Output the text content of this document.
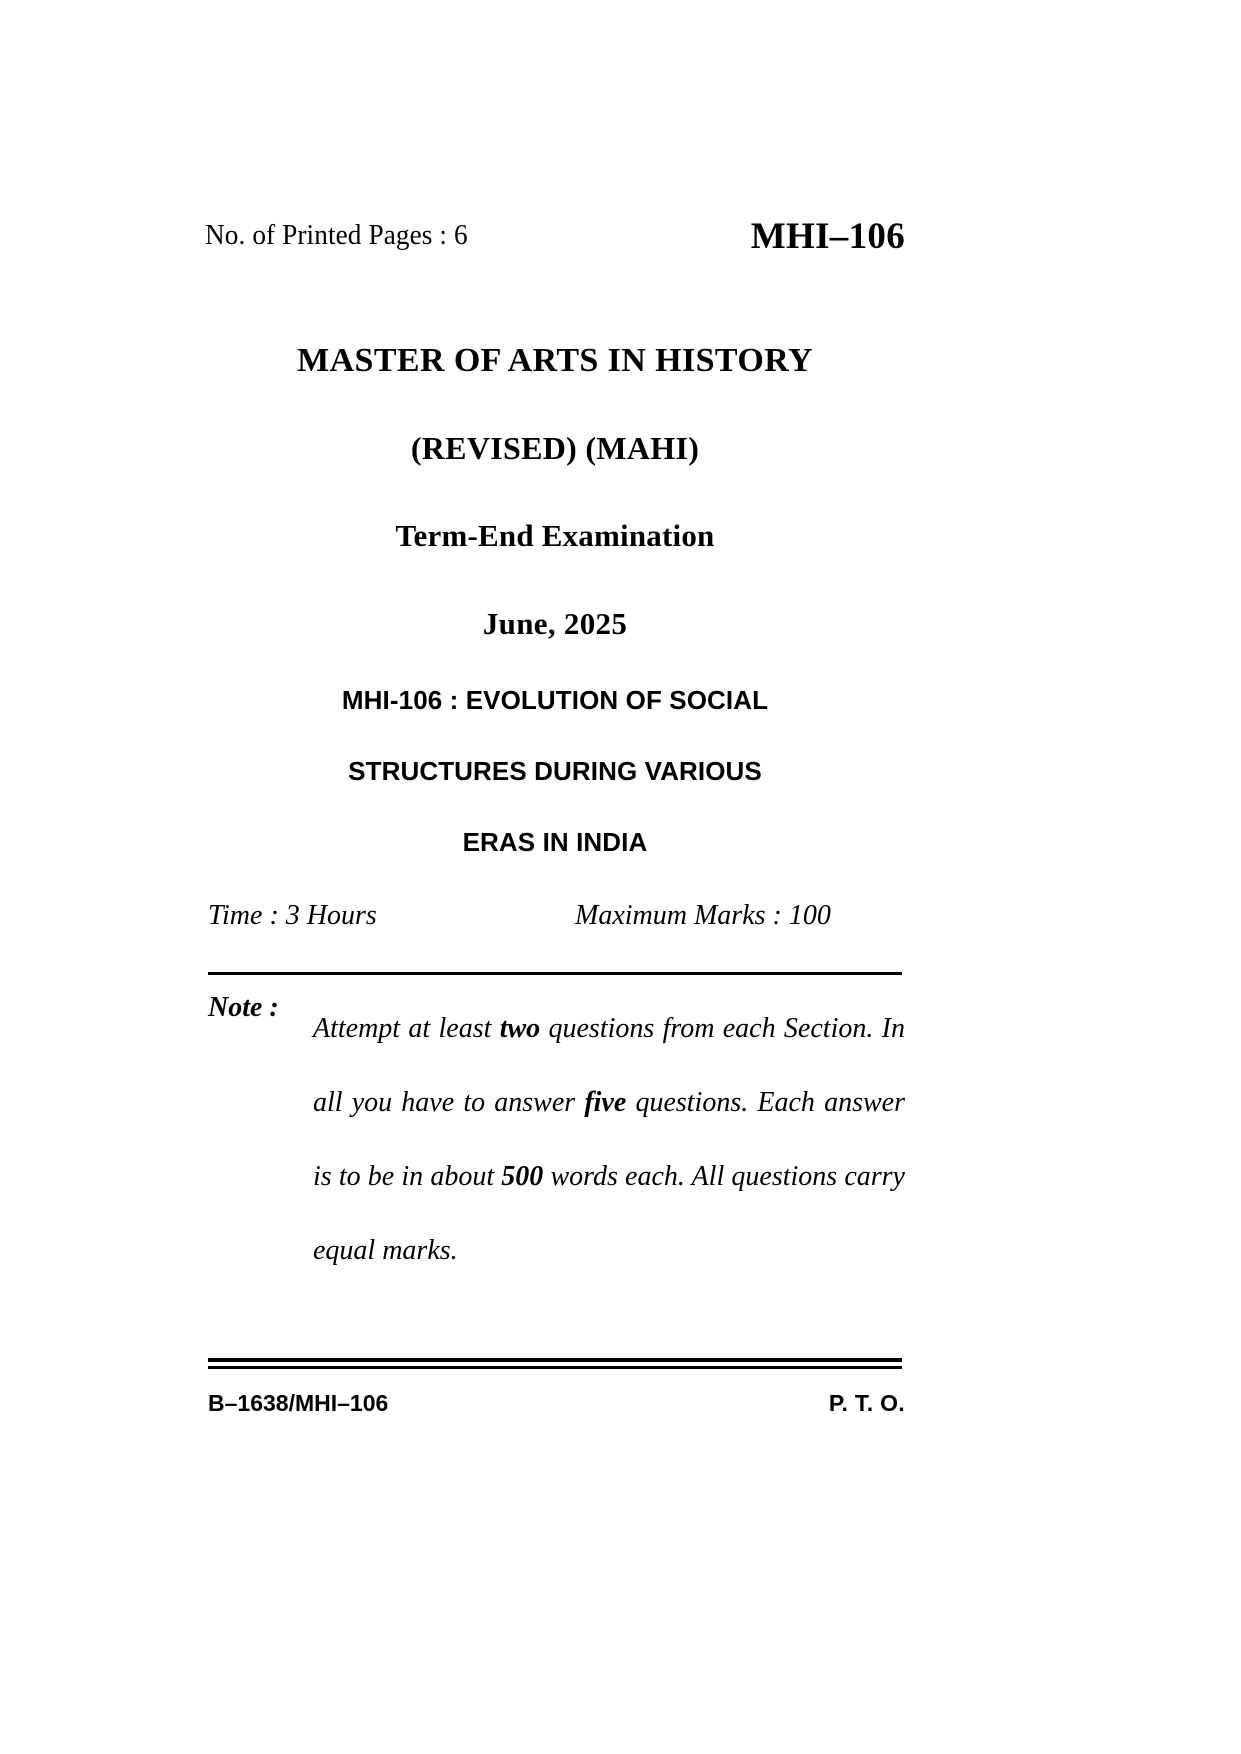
No. of Printed Pages : 6	MHI–106
MASTER OF ARTS IN HISTORY
(REVISED) (MAHI)
Term-End Examination
June, 2025
MHI-106 : EVOLUTION OF SOCIAL
STRUCTURES DURING VARIOUS
ERAS IN INDIA
Time : 3 Hours	Maximum Marks : 100
Note :
Attempt at least two questions from each Section. In all you have to answer five questions. Each answer is to be in about 500 words each. All questions carry equal marks.
B–1638/MHI–106	P. T. O.
